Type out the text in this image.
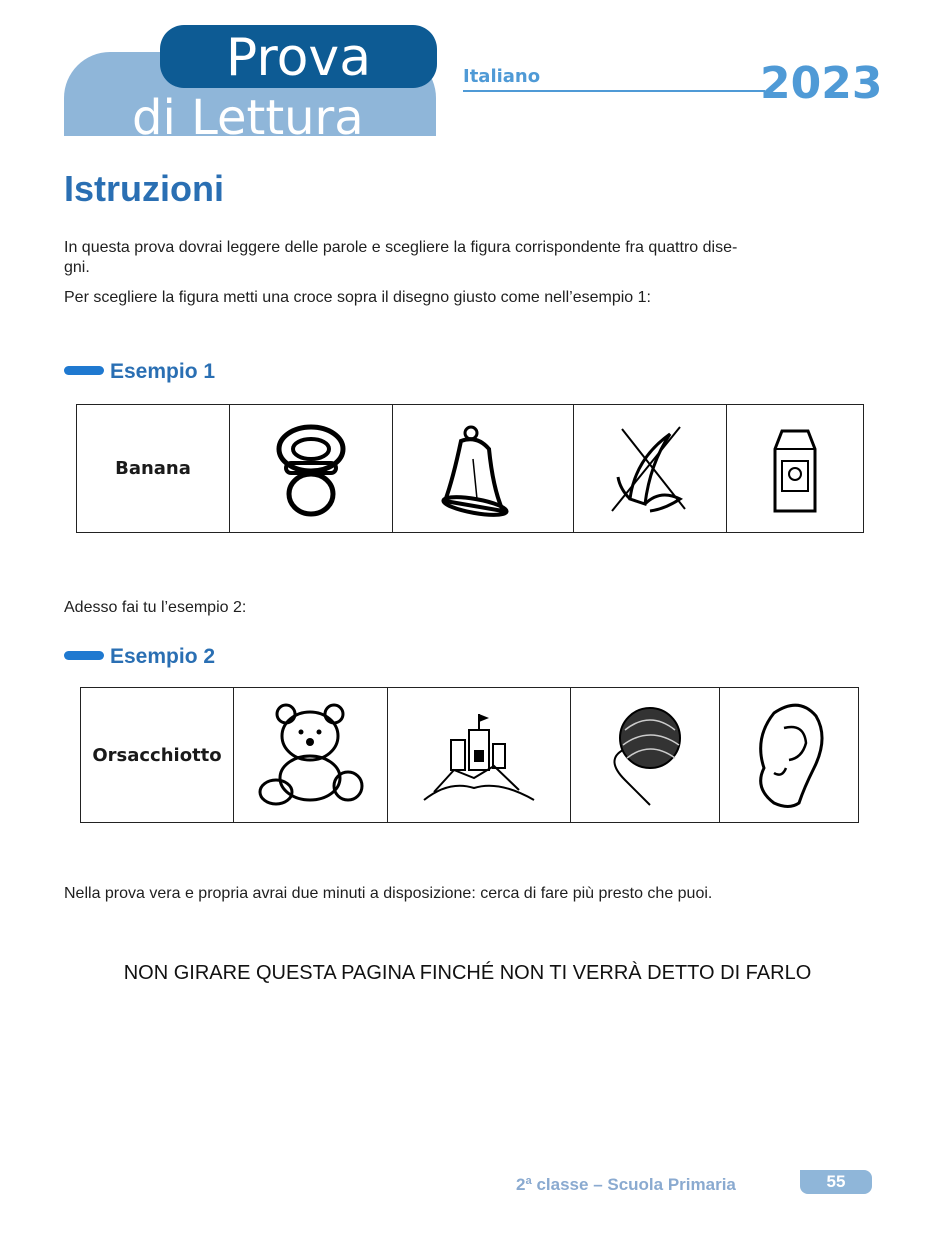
Prova
di Lettura
Italiano	2023
Istruzioni
In questa prova dovrai leggere delle parole e scegliere la figura corrispondente fra quattro dise-
gni.
Per scegliere la figura metti una croce sopra il disegno giusto come nell’esempio 1:
Esempio 1
Banana	

Adesso fai tu l’esempio 2:
Esempio 2
Orsacchiotto	

Nella prova vera e propria avrai due minuti a disposizione: cerca di fare più presto che puoi.
NON GIRARE QUESTA PAGINA FINCHÉ NON TI VERRÀ DETTO DI FARLO
2ª classe – Scuola Primaria	55
